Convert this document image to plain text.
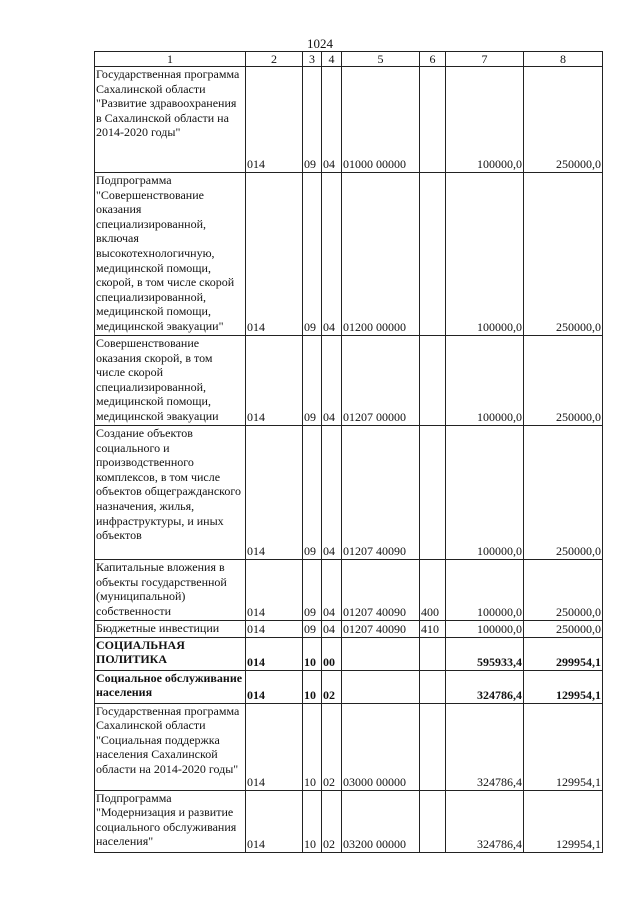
1024
1	2	3	4	5	6	7	8
Государственная программа Сахалинской области "Развитие здравоохранения в Сахалинской области на 2014-2020 годы"	014	09	04	01000 00000		100000,0	250000,0
Подпрограмма "Совершенствование оказания специализированной, включая высокотехнологичную, медицинской помощи, скорой, в том числе скорой специализированной, медицинской помощи, медицинской эвакуации"	014	09	04	01200 00000		100000,0	250000,0
Совершенствование оказания скорой, в том числе скорой специализированной, медицинской помощи, медицинской эвакуации	014	09	04	01207 00000		100000,0	250000,0
Создание объектов социального и производственного комплексов, в том числе объектов общегражданского назначения, жилья, инфраструктуры, и иных объектов	014	09	04	01207 40090		100000,0	250000,0
Капитальные вложения в объекты государственной (муниципальной) собственности	014	09	04	01207 40090	400	100000,0	250000,0
Бюджетные инвестиции	014	09	04	01207 40090	410	100000,0	250000,0
СОЦИАЛЬНАЯ ПОЛИТИКА	014	10	00			595933,4	299954,1
Социальное обслуживание населения	014	10	02			324786,4	129954,1
Государственная программа Сахалинской области "Социальная поддержка населения Сахалинской области на 2014-2020 годы"	014	10	02	03000 00000		324786,4	129954,1
Подпрограмма "Модернизация и развитие социального обслуживания населения"	014	10	02	03200 00000		324786,4	129954,1
